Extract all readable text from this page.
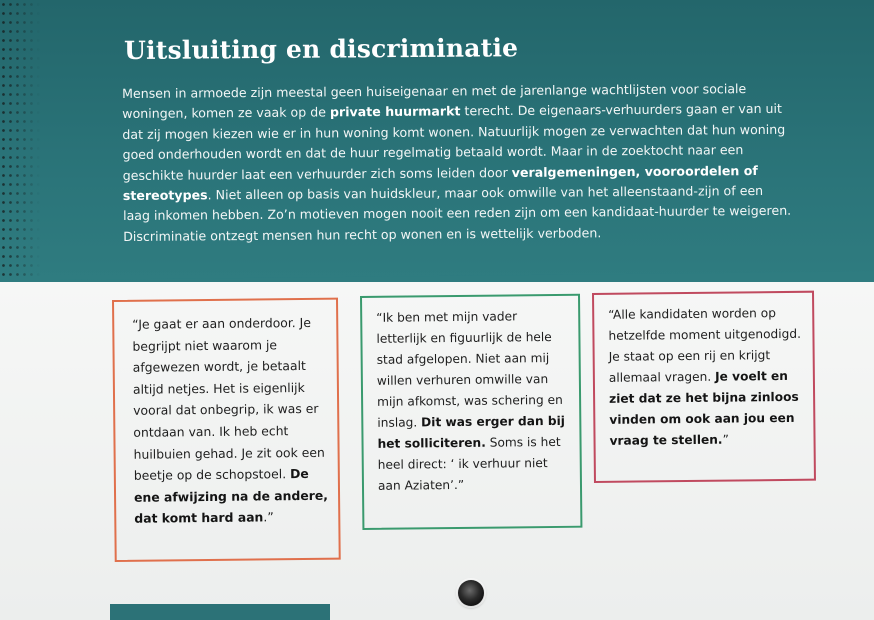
Uitsluiting en discriminatie

Mensen in armoede zijn meestal geen huiseigenaar en met de jarenlange wachtlijsten voor sociale woningen, komen ze vaak op de private huurmarkt terecht. De eigenaars-verhuurders gaan er van uit dat zij mogen kiezen wie er in hun woning komt wonen. Natuurlijk mogen ze verwachten dat hun woning goed onderhouden wordt en dat de huur regelmatig betaald wordt. Maar in de zoektocht naar een geschikte huurder laat een verhuurder zich soms leiden door veralgemeningen, vooroordelen of stereotypes. Niet alleen op basis van huidskleur, maar ook omwille van het alleenstaand-zijn of een laag inkomen hebben. Zo’n motieven mogen nooit een reden zijn om een kandidaat-huurder te weigeren. Discriminatie ontzegt mensen hun recht op wonen en is wettelijk verboden.

“Je gaat er aan onderdoor. Je begrijpt niet waarom je afgewezen wordt, je betaalt altijd netjes. Het is eigenlijk vooral dat onbegrip, ik was er ontdaan van. Ik heb echt huilbuien gehad. Je zit ook een beetje op de schopstoel. De ene afwijzing na de andere, dat komt hard aan.”

“Ik ben met mijn vader letterlijk en figuurlijk de hele stad afgelopen. Niet aan mij willen verhuren omwille van mijn afkomst, was schering en inslag. Dit was erger dan bij het solliciteren. Soms is het heel direct: ‘ ik verhuur niet aan Aziaten’.”

“Alle kandidaten worden op hetzelfde moment uitgenodigd. Je staat op een rij en krijgt allemaal vragen. Je voelt en ziet dat ze het bijna zinloos vinden om ook aan jou een vraag te stellen.”
